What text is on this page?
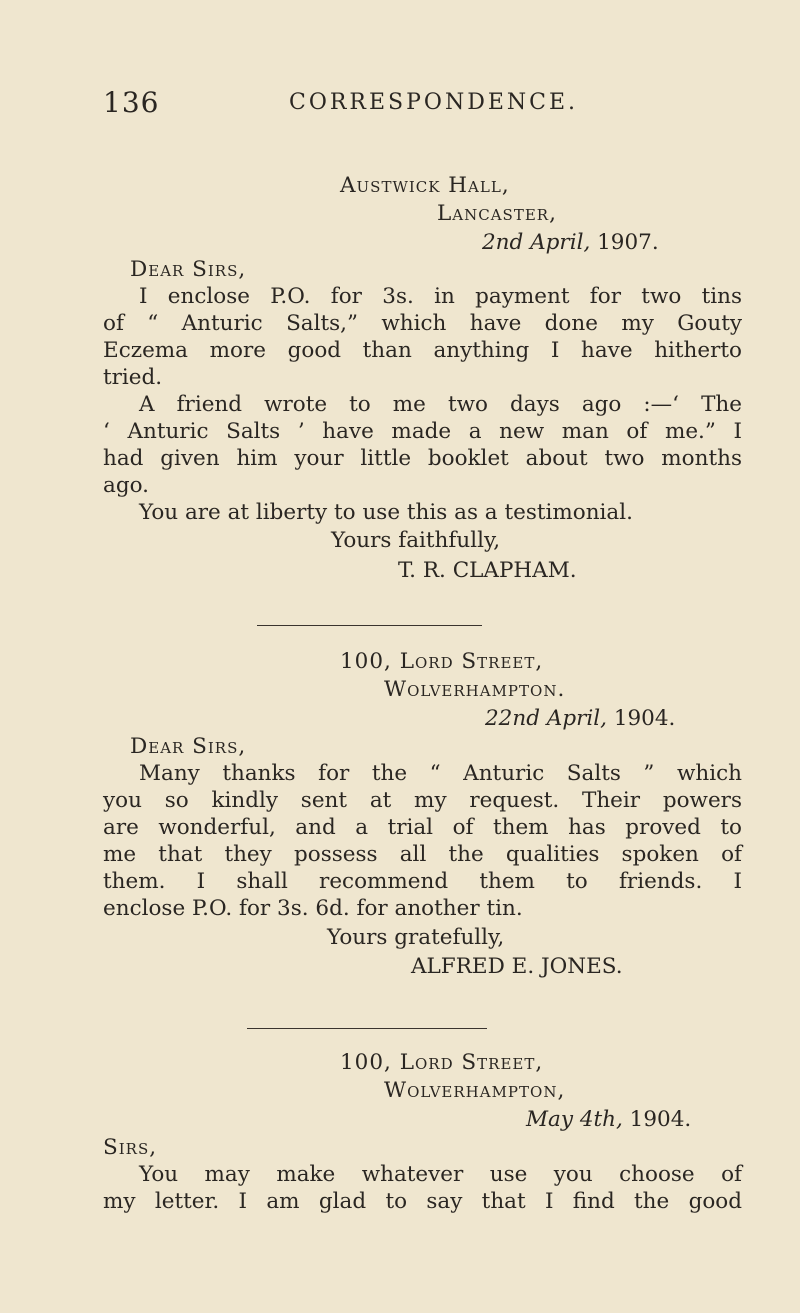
136	CORRESPONDENCE.
Austwick Hall,
Lancaster,
2nd April, 1907.
Dear Sirs,
I enclose P.O. for 3s. in payment for two tins
of “ Anturic Salts,” which have done my Gouty
Eczema more good than anything I have hitherto
tried.
A friend wrote to me two days ago :—‘ The
‘ Anturic Salts ’ have made a new man of me.” I
had given him your little booklet about two months
ago.
You are at liberty to use this as a testimonial.
Yours faithfully,
T. R. CLAPHAM.
100, Lord Street,
Wolverhampton.
22nd April, 1904.
Dear Sirs,
Many thanks for the “ Anturic Salts ” which
you so kindly sent at my request. Their powers
are wonderful, and a trial of them has proved to
me that they possess all the qualities spoken of
them. I shall recommend them to friends. I
enclose P.O. for 3s. 6d. for another tin.
Yours gratefully,
ALFRED E. JONES.
100, Lord Street,
Wolverhampton,
May 4th, 1904.
Sirs,
You may make whatever use you choose of
my letter. I am glad to say that I find the good
